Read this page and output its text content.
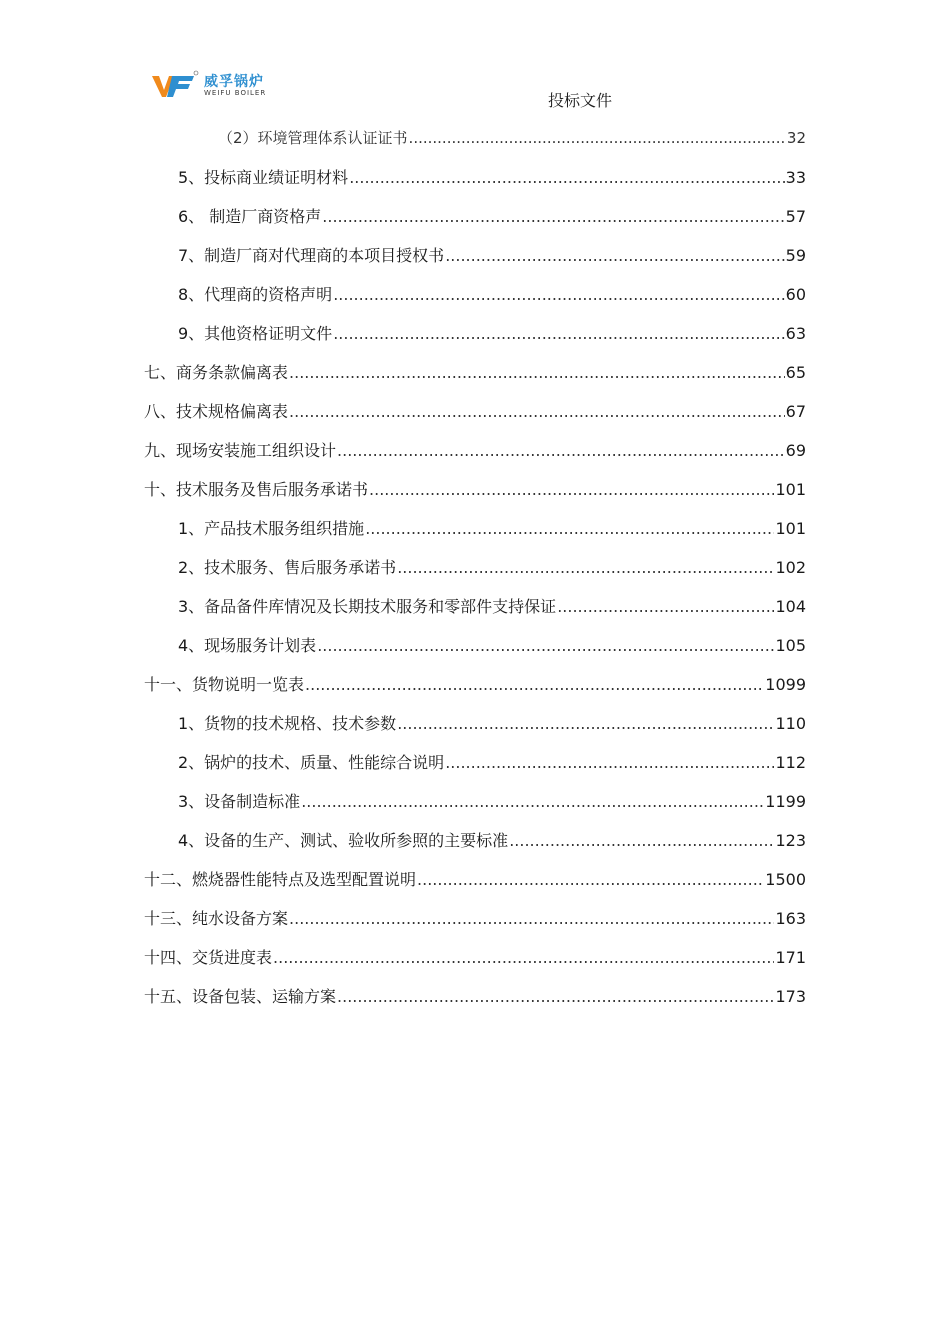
威孚锅炉
WEIFU BOILER	投标文件
（2）环境管理体系认证证书 .....	32
5、投标商业绩证明材料 .....	33
6、 制造厂商资格声 .....	57
7、制造厂商对代理商的本项目授权书 .....	59
8、代理商的资格声明 .....	60
9、其他资格证明文件 .....	63
七、商务条款偏离表 .....	65
八、技术规格偏离表 .....	67
九、现场安装施工组织设计 .....	69
十、技术服务及售后服务承诺书 .....	101
1、产品技术服务组织措施 .....	101
2、技术服务、售后服务承诺书 .....	102
3、备品备件库情况及长期技术服务和零部件支持保证 .....	104
4、现场服务计划表 .....	105
十一、货物说明一览表 .....	1099
1、货物的技术规格、技术参数 .....	110
2、锅炉的技术、质量、性能综合说明 .....	112
3、设备制造标准 .....	1199
4、设备的生产、测试、验收所参照的主要标准 .....	123
十二、燃烧器性能特点及选型配置说明 .....	1500
十三、纯水设备方案 .....	163
十四、交货进度表 .....	171
十五、设备包装、运输方案 .....	173
